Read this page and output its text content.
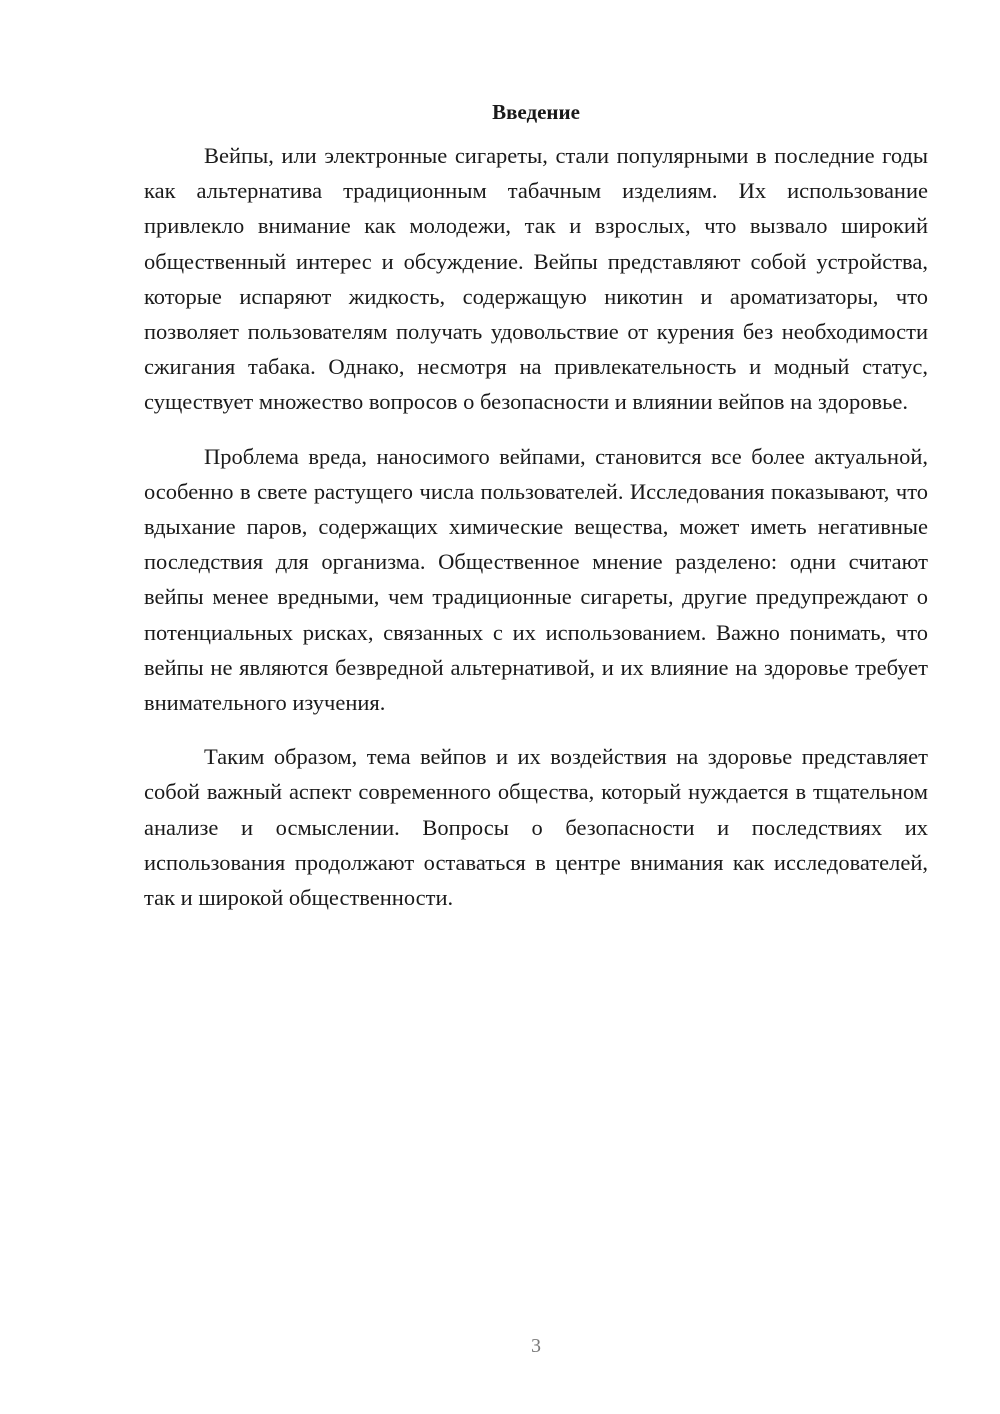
Введение

Вейпы, или электронные сигареты, стали популярными в последние годы как альтернатива традиционным табачным изделиям. Их использование привлекло внимание как молодежи, так и взрослых, что вызвало широкий общественный интерес и обсуждение. Вейпы представляют собой устройства, которые испаряют жидкость, содержащую никотин и ароматизаторы, что позволяет пользователям получать удовольствие от курения без необходимости сжигания табака. Однако, несмотря на привлекательность и модный статус, существует множество вопросов о безопасности и влиянии вейпов на здоровье.

Проблема вреда, наносимого вейпами, становится все более актуальной, особенно в свете растущего числа пользователей. Исследования показывают, что вдыхание паров, содержащих химические вещества, может иметь негативные последствия для организма. Общественное мнение разделено: одни считают вейпы менее вредными, чем традиционные сигареты, другие предупреждают о потенциальных рисках, связанных с их использованием. Важно понимать, что вейпы не являются безвредной альтернативой, и их влияние на здоровье требует внимательного изучения.

Таким образом, тема вейпов и их воздействия на здоровье представляет собой важный аспект современного общества, который нуждается в тщательном анализе и осмыслении. Вопросы о безопасности и последствиях их использования продолжают оставаться в центре внимания как исследователей, так и широкой общественности.

3
